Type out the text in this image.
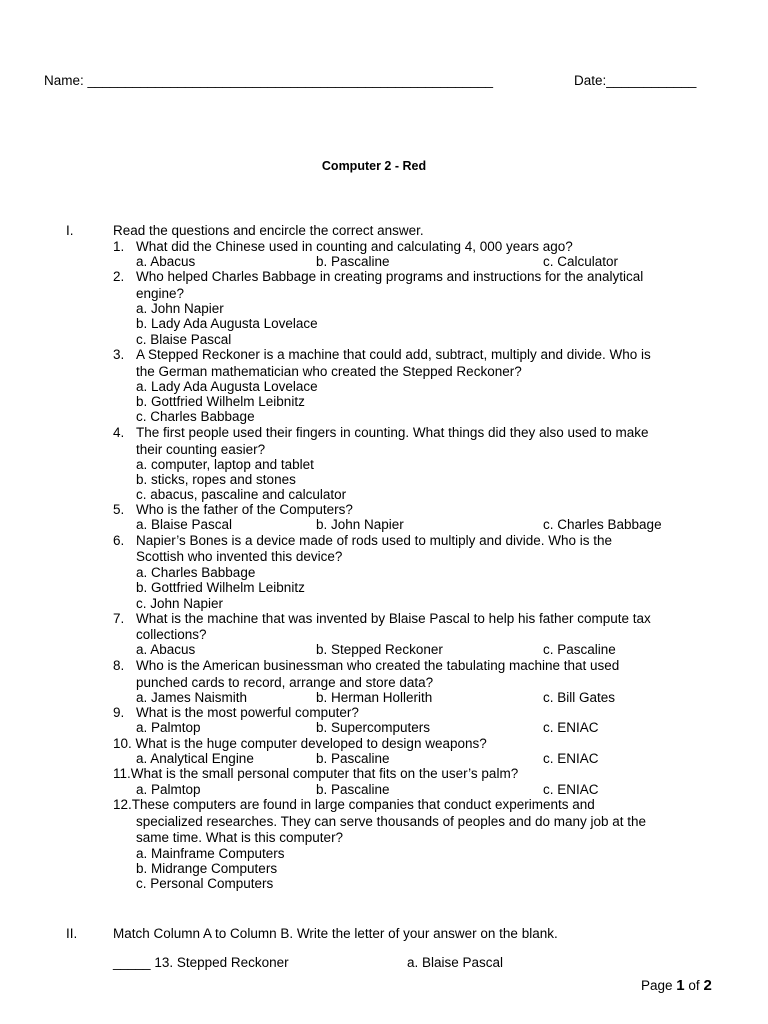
Name: ______________________________________________________	Date:____________
Computer 2 - Red
I.	Read the questions and encircle the correct answer.
1. What did the Chinese used in counting and calculating 4, 000 years ago?
a. Abacus	b. Pascaline	c. Calculator
2. Who helped Charles Babbage in creating programs and instructions for the analytical
engine?
a. John Napier
b. Lady Ada Augusta Lovelace
c. Blaise Pascal
3. A Stepped Reckoner is a machine that could add, subtract, multiply and divide. Who is
the German mathematician who created the Stepped Reckoner?
a. Lady Ada Augusta Lovelace
b. Gottfried Wilhelm Leibnitz
c. Charles Babbage
4. The first people used their fingers in counting. What things did they also used to make
their counting easier?
a. computer, laptop and tablet
b. sticks, ropes and stones
c. abacus, pascaline and calculator
5. Who is the father of the Computers?
a. Blaise Pascal	b. John Napier	c. Charles Babbage
6. Napier’s Bones is a device made of rods used to multiply and divide. Who is the
Scottish who invented this device?
a. Charles Babbage
b. Gottfried Wilhelm Leibnitz
c. John Napier
7. What is the machine that was invented by Blaise Pascal to help his father compute tax
collections?
a. Abacus	b. Stepped Reckoner	c. Pascaline
8. Who is the American businessman who created the tabulating machine that used
punched cards to record, arrange and store data?
a. James Naismith	b. Herman Hollerith	c. Bill Gates
9. What is the most powerful computer?
a. Palmtop	b. Supercomputers	c. ENIAC
10. What is the huge computer developed to design weapons?
a. Analytical Engine	b. Pascaline	c. ENIAC
11.What is the small personal computer that fits on the user’s palm?
a. Palmtop	b. Pascaline	c. ENIAC
12.These computers are found in large companies that conduct experiments and
specialized researches. They can serve thousands of peoples and do many job at the
same time. What is this computer?
a. Mainframe Computers
b. Midrange Computers
c. Personal Computers
II.	Match Column A to Column B. Write the letter of your answer on the blank.
_____ 13. Stepped Reckoner	a. Blaise Pascal
Page 1 of 2
